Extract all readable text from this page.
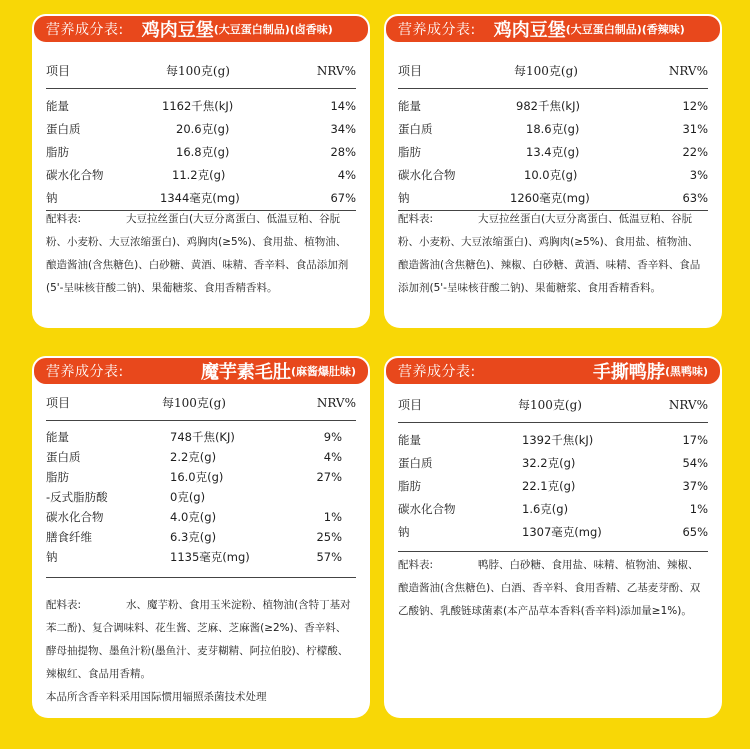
营养成分表: 鸡肉豆堡 (大豆蛋白制品)(卤香味)
项目	每100克(g)	NRV%
能量	1162千焦(kJ)	14%
蛋白质	20.6克(g)	34%
脂肪	16.8克(g)	28%
碳水化合物	11.2克(g)	4%
钠	1344毫克(mg)	67%
配料表:	大豆拉丝蛋白(大豆分离蛋白、低温豆粕、谷朊粉、小麦粉、大豆浓缩蛋白)、鸡胸肉(≥5%)、食用盐、植物油、酿造酱油(含焦糖色)、白砂糖、黄酒、味精、香辛料、食品添加剂(5'-呈味核苷酸二钠)、果葡糖浆、食用香精香料。
营养成分表: 鸡肉豆堡 (大豆蛋白制品)(香辣味)
项目	每100克(g)	NRV%
能量	982千焦(kJ)	12%
蛋白质	18.6克(g)	31%
脂肪	13.4克(g)	22%
碳水化合物	10.0克(g)	3%
钠	1260毫克(mg)	63%
配料表:	大豆拉丝蛋白(大豆分离蛋白、低温豆粕、谷朊粉、小麦粉、大豆浓缩蛋白)、鸡胸肉(≥5%)、食用盐、植物油、酿造酱油(含焦糖色)、辣椒、白砂糖、黄酒、味精、香辛料、食品添加剂(5'-呈味核苷酸二钠)、果葡糖浆、食用香精香料。
营养成分表:	魔芋素毛肚 (麻酱爆肚味)
项目	每100克(g)	NRV%
能量	748千焦(KJ)	9%
蛋白质	2.2克(g)	4%
脂肪	16.0克(g)	27%
-反式脂肪酸	0克(g)
碳水化合物	4.0克(g)	1%
膳食纤维	6.3克(g)	25%
钠	1135毫克(mg)	57%
配料表:	水、魔芋粉、食用玉米淀粉、植物油(含特丁基对苯二酚)、复合调味料、花生酱、芝麻、芝麻酱(≥2%)、香辛料、酵母抽提物、墨鱼汁粉(墨鱼汁、麦芽糊精、阿拉伯胶)、柠檬酸、辣椒红、食品用香精。
本品所含香辛料采用国际惯用辐照杀菌技术处理
营养成分表:	手撕鸭脖 (黑鸭味)
项目	每100克(g)	NRV%
能量	1392千焦(kJ)	17%
蛋白质	32.2克(g)	54%
脂肪	22.1克(g)	37%
碳水化合物	1.6克(g)	1%
钠	1307毫克(mg)	65%
配料表:	鸭脖、白砂糖、食用盐、味精、植物油、辣椒、酿造酱油(含焦糖色)、白酒、香辛料、食用香精、乙基麦芽酚、双乙酸钠、乳酸链球菌素(本产品草本香料(香辛料)添加量≥1%)。
